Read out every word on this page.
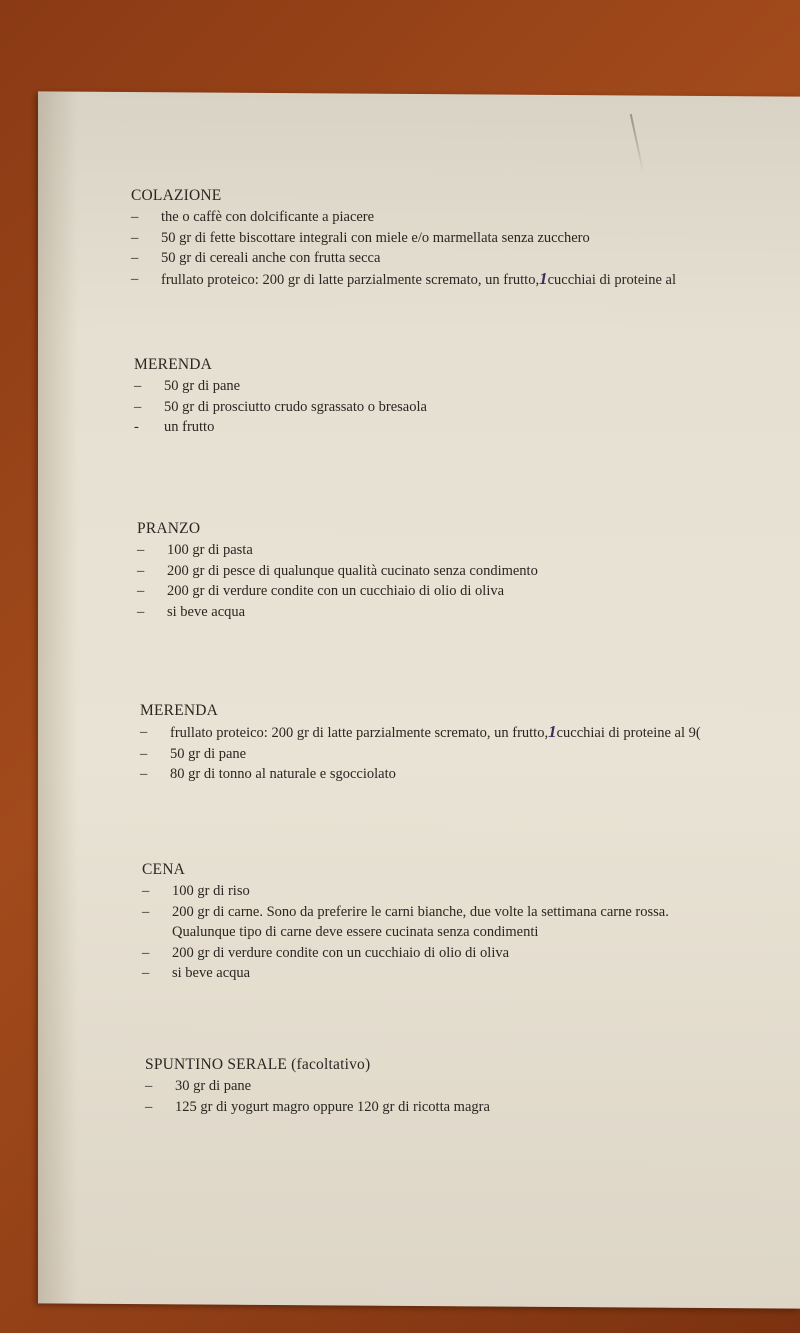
COLAZIONE
–	the o caffè con dolcificante a piacere
–	50 gr di fette biscottare integrali con miele e/o marmellata senza zucchero
–	50 gr di cereali anche con frutta secca
–	frullato proteico: 200 gr di latte parzialmente scremato, un frutto,1cucchiai di proteine al
MERENDA
–	50 gr di pane
–	50 gr di prosciutto crudo sgrassato o bresaola
-	un frutto
PRANZO
–	100 gr di pasta
–	200 gr di pesce di qualunque qualità cucinato senza condimento
–	200 gr di verdure condite con un cucchiaio di olio di oliva
–	si beve acqua
MERENDA
–	frullato proteico: 200 gr di latte parzialmente scremato, un frutto,1cucchiai di proteine al 9(
–	50 gr di pane
–	80 gr di tonno al naturale e sgocciolato
CENA
–	100 gr di riso
–	200 gr di carne. Sono da preferire le carni bianche, due volte la settimana carne rossa.
Qualunque tipo di carne deve essere cucinata senza condimenti
–	200 gr di verdure condite con un cucchiaio di olio di oliva
–	si beve acqua
SPUNTINO SERALE (facoltativo)
–	30 gr di pane
–	125 gr di yogurt magro oppure 120 gr di ricotta magra
